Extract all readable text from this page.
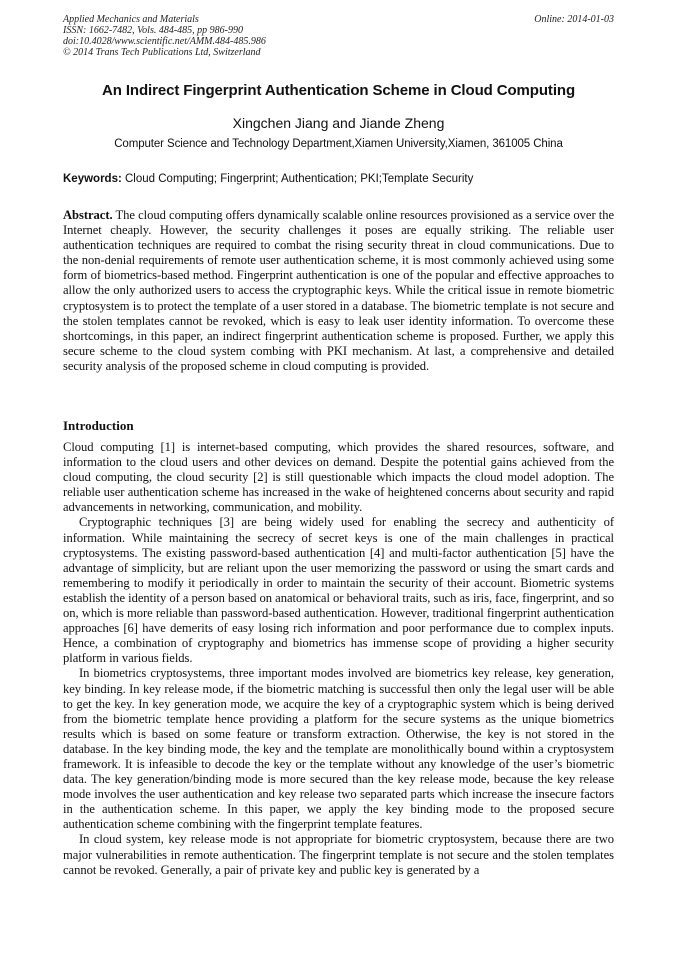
Applied Mechanics and Materials
ISSN: 1662-7482, Vols. 484-485, pp 986-990
doi:10.4028/www.scientific.net/AMM.484-485.986
© 2014 Trans Tech Publications Ltd, Switzerland
Online: 2014-01-03
An Indirect Fingerprint Authentication Scheme in Cloud Computing
Xingchen Jiang and Jiande Zheng
Computer Science and Technology Department,Xiamen University,Xiamen, 361005 China
Keywords: Cloud Computing; Fingerprint; Authentication; PKI;Template Security
Abstract. The cloud computing offers dynamically scalable online resources provisioned as a service over the Internet cheaply. However, the security challenges it poses are equally striking. The reliable user authentication techniques are required to combat the rising security threat in cloud communications. Due to the non-denial requirements of remote user authentication scheme, it is most commonly achieved using some form of biometrics-based method. Fingerprint authentication is one of the popular and effective approaches to allow the only authorized users to access the cryptographic keys. While the critical issue in remote biometric cryptosystem is to protect the template of a user stored in a database. The biometric template is not secure and the stolen templates cannot be revoked, which is easy to leak user identity information. To overcome these shortcomings, in this paper, an indirect fingerprint authentication scheme is proposed. Further, we apply this secure scheme to the cloud system combing with PKI mechanism. At last, a comprehensive and detailed security analysis of the proposed scheme in cloud computing is provided.
Introduction

Cloud computing [1] is internet-based computing, which provides the shared resources, software, and information to the cloud users and other devices on demand. Despite the potential gains achieved from the cloud computing, the cloud security [2] is still questionable which impacts the cloud model adoption. The reliable user authentication scheme has increased in the wake of heightened concerns about security and rapid advancements in networking, communication, and mobility.

Cryptographic techniques [3] are being widely used for enabling the secrecy and authenticity of information. While maintaining the secrecy of secret keys is one of the main challenges in practical cryptosystems. The existing password-based authentication [4] and multi-factor authentication [5] have the advantage of simplicity, but are reliant upon the user memorizing the password or using the smart cards and remembering to modify it periodically in order to maintain the security of their account. Biometric systems establish the identity of a person based on anatomical or behavioral traits, such as iris, face, fingerprint, and so on, which is more reliable than password-based authentication. However, traditional fingerprint authentication approaches [6] have demerits of easy losing rich information and poor performance due to complex inputs. Hence, a combination of cryptography and biometrics has immense scope of providing a higher security platform in various fields.

In biometrics cryptosystems, three important modes involved are biometrics key release, key generation, key binding. In key release mode, if the biometric matching is successful then only the legal user will be able to get the key. In key generation mode, we acquire the key of a cryptographic system which is being derived from the biometric template hence providing a platform for the secure systems as the unique biometrics results which is based on some feature or transform extraction. Otherwise, the key is not stored in the database. In the key binding mode, the key and the template are monolithically bound within a cryptosystem framework. It is infeasible to decode the key or the template without any knowledge of the user’s biometric data. The key generation/binding mode is more secured than the key release mode, because the key release mode involves the user authentication and key release two separated parts which increase the insecure factors in the authentication scheme. In this paper, we apply the key binding mode to the proposed secure authentication scheme combining with the fingerprint template features.

In cloud system, key release mode is not appropriate for biometric cryptosystem, because there are two major vulnerabilities in remote authentication. The fingerprint template is not secure and the stolen templates cannot be revoked. Generally, a pair of private key and public key is generated by a
